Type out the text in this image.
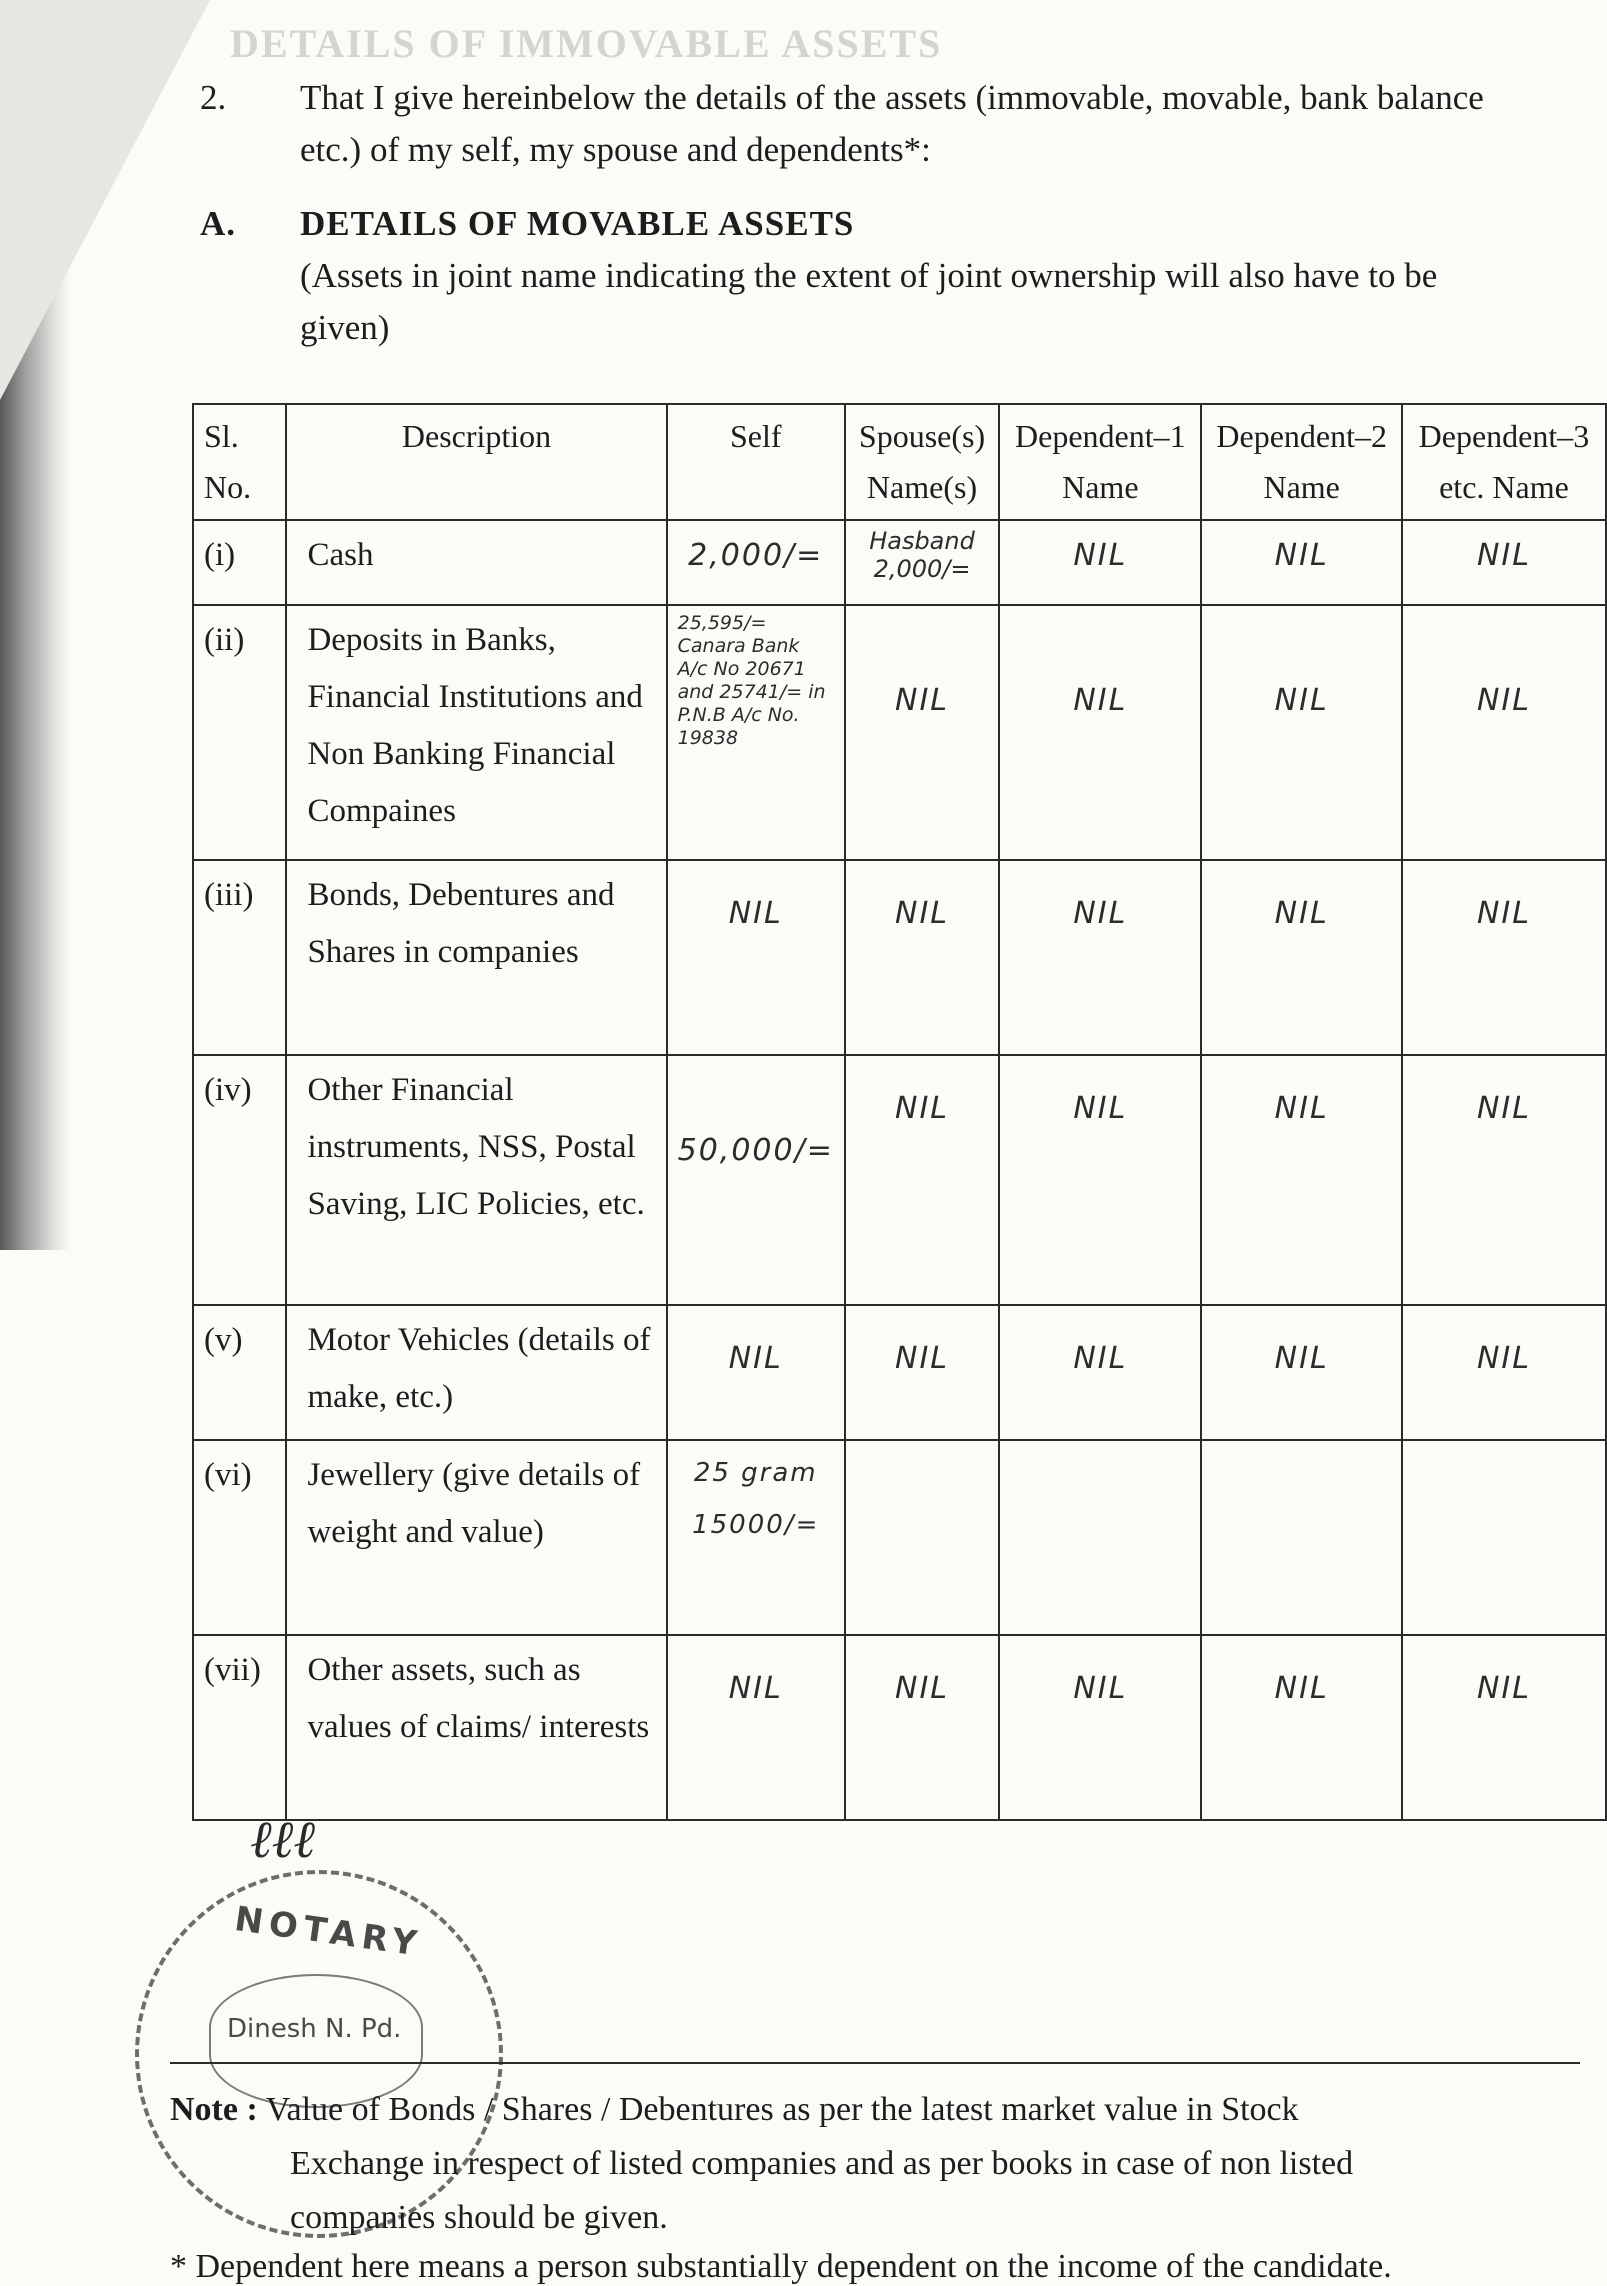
DETAILS OF IMMOVABLE ASSETS
2. That I give hereinbelow the details of the assets (immovable, movable, bank balance
etc.) of my self, my spouse and dependents*:
A. DETAILS OF MOVABLE ASSETS
(Assets in joint name indicating the extent of joint ownership will also have to be
given)
Sl. No.	Description	Self	Spouse(s) Name(s)	Dependent–1 Name	Dependent–2 Name	Dependent–3 etc. Name
(i)	Cash	2,000/=	Hasband 2,000/=	NIL	NIL	NIL

(ii)	Deposits in Banks, Financial Institutions and Non Banking Financial Compaines	25,595/= Canara Bank A/c No 20671 and 25741/= in P.N.B A/c No. 19838	NIL	NIL	NIL	NIL

(iii)	Bonds, Debentures and Shares in companies	NIL	NIL	NIL	NIL	NIL

(iv)	Other Financial instruments, NSS, Postal Saving, LIC Policies, etc.	50,000/=	NIL	NIL	NIL	NIL

(v)	Motor Vehicles (details of make, etc.)	NIL	NIL	NIL	NIL	NIL

(vi)	Jewellery (give details of weight and value)	25 gram 15000/=				

(vii)	Other assets, such as values of claims/ interests	NIL	NIL	NIL	NIL	NIL
ℓℓℓ
NOTARY
Dinesh N. Pd.
Note : Value of Bonds / Shares / Debentures as per the latest market value in Stock
Exchange in respect of listed companies and as per books in case of non listed
companies should be given.
* Dependent here means a person substantially dependent on the income of the candidate.
